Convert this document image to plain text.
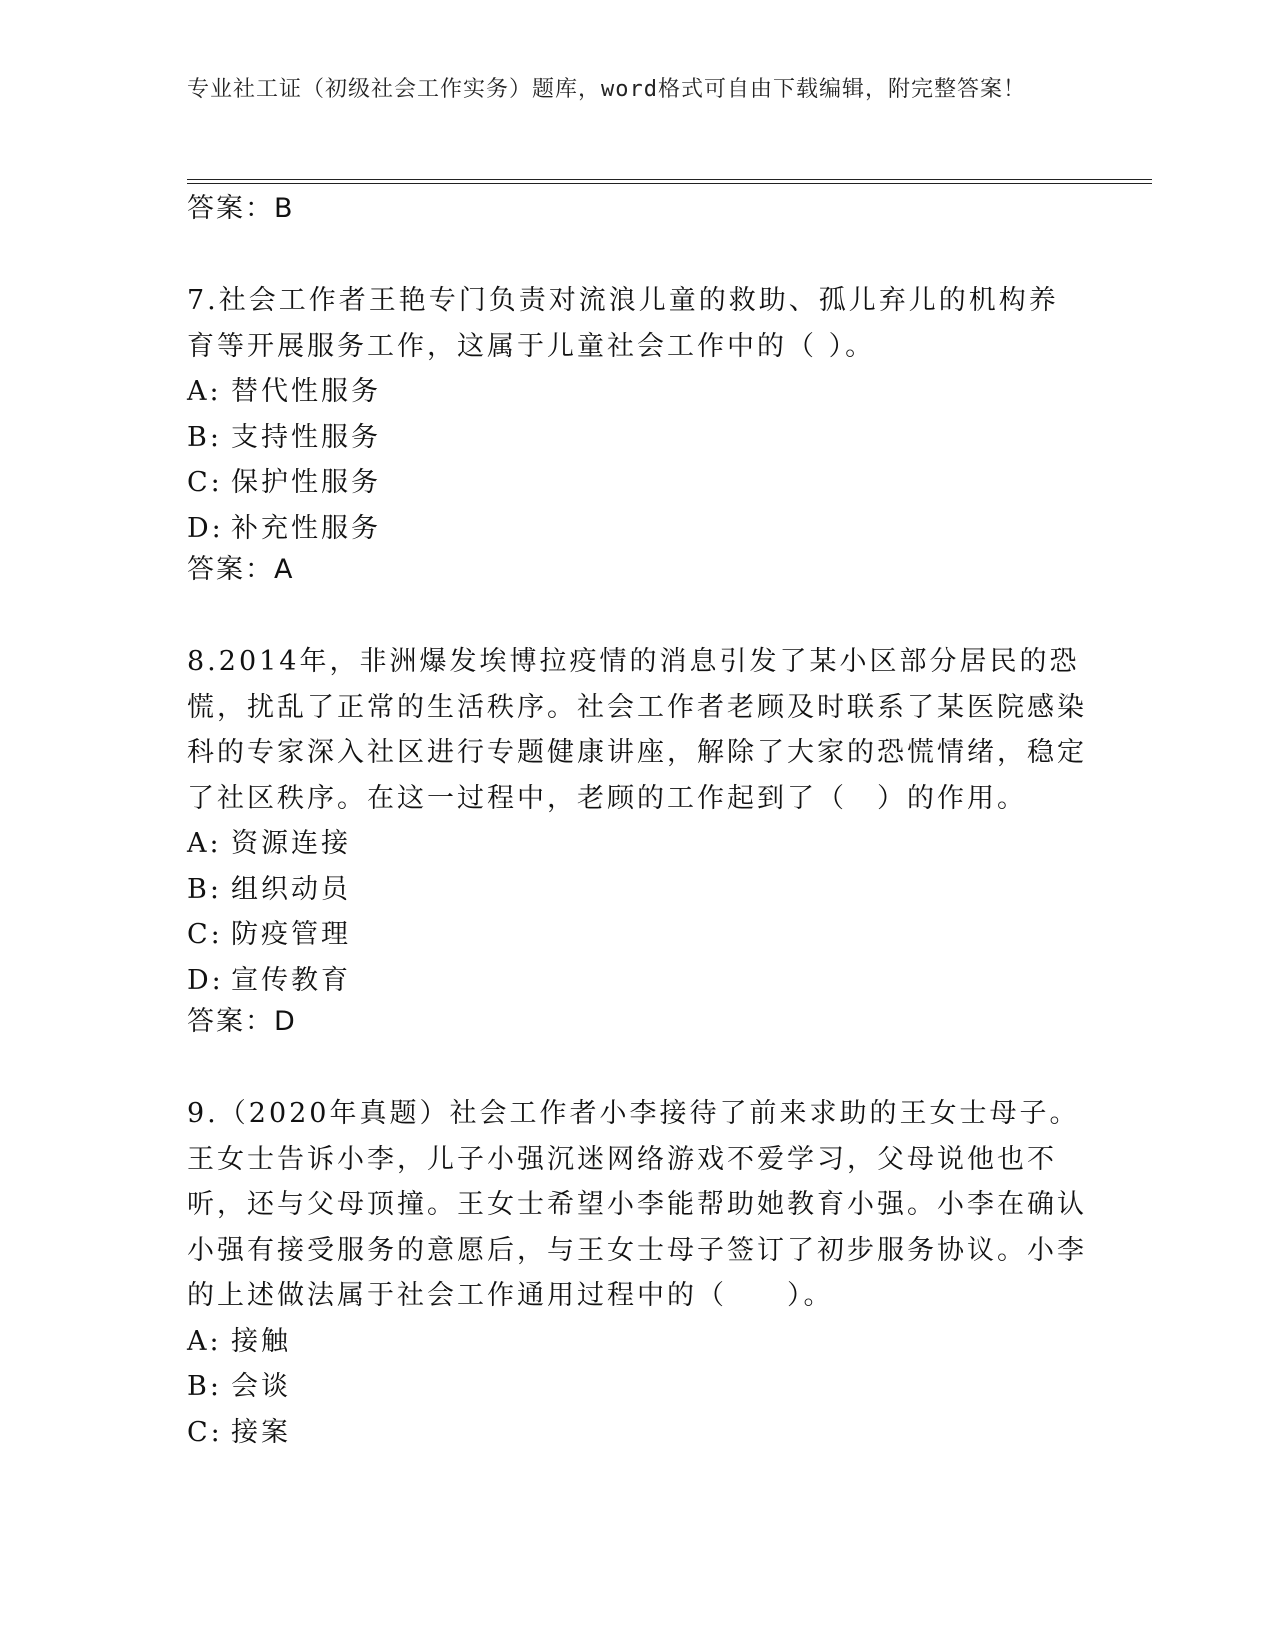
专业社工证（初级社会工作实务）题库，word格式可自由下载编辑，附完整答案！
答案：B
7.社会工作者王艳专门负责对流浪儿童的救助、孤儿弃儿的机构养育等开展服务工作，这属于儿童社会工作中的（ ）。
A: 替代性服务
B: 支持性服务
C: 保护性服务
D: 补充性服务
答案：A
8.2014年，非洲爆发埃博拉疫情的消息引发了某小区部分居民的恐慌，扰乱了正常的生活秩序。社会工作者老顾及时联系了某医院感染科的专家深入社区进行专题健康讲座，解除了大家的恐慌情绪，稳定了社区秩序。在这一过程中，老顾的工作起到了（　）的作用。
A: 资源连接
B: 组织动员
C: 防疫管理
D: 宣传教育
答案：D
9.（2020年真题）社会工作者小李接待了前来求助的王女士母子。王女士告诉小李，儿子小强沉迷网络游戏不爱学习，父母说他也不听，还与父母顶撞。王女士希望小李能帮助她教育小强。小李在确认小强有接受服务的意愿后，与王女士母子签订了初步服务协议。小李的上述做法属于社会工作通用过程中的（　　）。
A: 接触
B: 会谈
C: 接案
